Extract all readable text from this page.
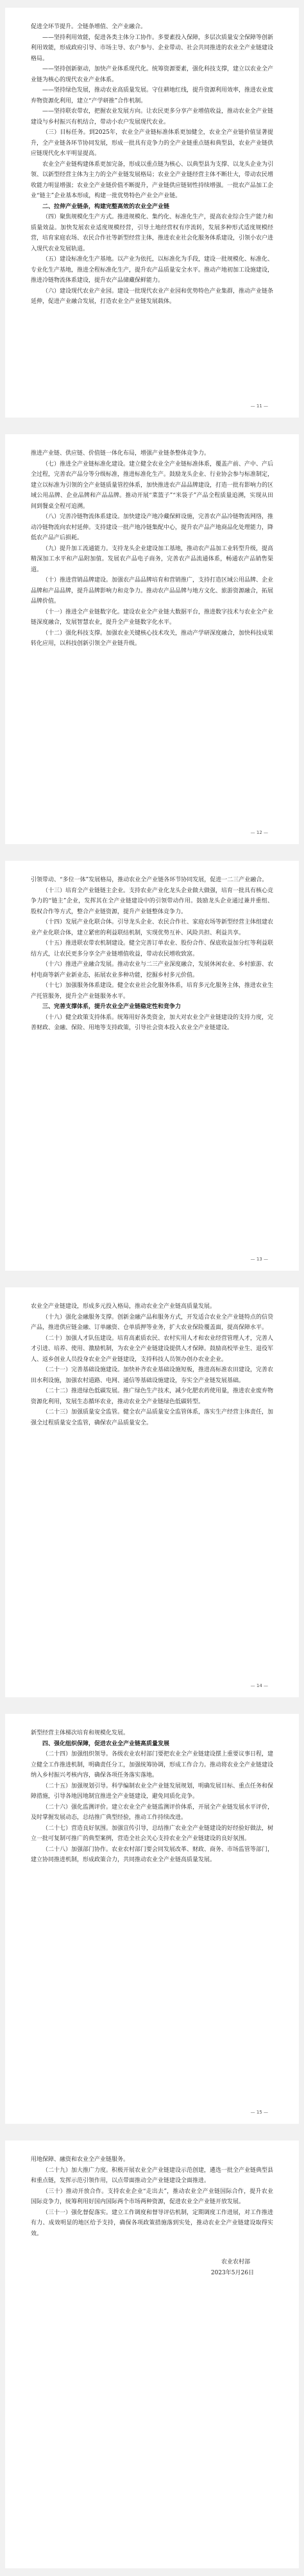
促进全环节提升。全链条增值、全产业融合。

——坚持利用效能，促进各类主体分工协作。多要素投入保障，多层次质量安全保障等创新利用效能，形成政府引导、市场主导、农户参与、企业带动、社会共同推进的农业全产业链建设格局。

——坚持创新驱动，加快产业体系现代化。统筹资源要素，强化科技支撑，建立以农业全产业链为核心的现代农业产业体系。

——坚持绿色发展，推动农业高质量发展。守住耕地红线，提升资源利用效率，推进农业废弃物资源化利用，建立“产学研推”合作机制。

——坚持联农带农，把握农业发展方向。让农民更多分享产业增值收益，推动农业全产业链建设与乡村振兴有机结合，带动小农户发展现代农业。

（三）目标任务。到2025年，农业全产业链标准体系更加健全，农业全产业链价值显著提升，全产业链各环节协同发展，形成一批具有竞争力的全产业链重点链和典型县，农业产业链供应链现代化水平明显提高。

农业全产业链构建体系更加完备，形成以重点链为核心、以典型县为支撑、以龙头企业为引领、以新型经营主体为主力的全产业链发展格局；农业全产业链经营主体不断壮大，带动农民增收能力明显增强；农业全产业链价值不断提升，产业链供应链韧性持续增强。一批农产品加工企业“链主”企业基本形成，构建一批优势特色产业全产业链。

二、拉伸产业链条，构建完整高效的农业全产业链

（四）聚焦规模化生产方式。推进规模化、集约化、标准化生产，提高农业综合生产能力和质量效益。加快发展农业适度规模经营，引导土地经营权有序流转，发展多种形式适度规模经营，培育家庭农场、农民合作社等新型经营主体，推进农业社会化服务体系建设，引领小农户进入现代农业发展轨道。

（五）建设标准化生产基地。以产业为依托，以标准化为手段，建设一批规模化、标准化、专业化生产基地，推进全程标准化生产，提升农产品质量安全水平。推动产地初加工设施建设，推进冷链物流体系建设，提升农产品储藏保鲜能力。

（六）建设现代农业产业园。建设一批现代农业产业园和优势特色产业集群，推动产业链条延伸，促进产业融合发展，打造农业全产业链发展载体。

— 11 —

推进产业链、供应链、价值链一体化布局，增强产业链条整体竞争力。

（七）推进全产业链标准化建设。建立健全农业全产业链标准体系，覆盖产前、产中、产后全过程，完善农产品分等分级标准，推进标准化生产。鼓励龙头企业、行业协会参与标准制定，建立以标准为引领的全产业链质量管控体系，加快推进农产品品牌建设，打造一批有影响力的区域公用品牌、企业品牌和产品品牌。推动开展“菜篮子”“米袋子”产品全程质量追溯，实现从田间到餐桌全程可追溯。

（八）完善冷链物流体系建设。加快建设产地冷藏保鲜设施，完善农产品冷链物流网络，推动冷链物流向农村延伸。支持建设一批产地冷链集配中心，提升农产品产地商品化处理能力，降低农产品产后损耗。

（九）提升加工流通能力。支持龙头企业建设加工基地，推动农产品加工业转型升级，提高精深加工水平和产品附加值。发展农产品电子商务，完善农产品流通体系，畅通农产品销售渠道。

（十）推进营销品牌建设。加强农产品品牌培育和营销推广，支持打造区域公用品牌、企业品牌和产品品牌，提升品牌影响力和竞争力。推动农产品品牌与地方文化、旅游资源融合，拓展品牌价值。

（十一）推进全产业链数字化。建设农业全产业链大数据平台，推进数字技术与农业全产业链深度融合，发展智慧农业，提升全产业链数字化水平。

（十二）强化科技支撑。加强农业关键核心技术攻关，推动产学研深度融合，加快科技成果转化应用，以科技创新引领全产业链升级。

— 12 —

引领带动、“多位一体”发展格局，推动农业全产业链各环节协同发展，促进一二三产业融合。

（十三）培育全产业链链主企业。支持农业产业化龙头企业做大做强，培育一批具有核心竞争力的“链主”企业，发挥其在全产业链建设中的引领带动作用。鼓励龙头企业通过兼并重组、股权合作等方式，整合产业链资源，提升产业链整体竞争力。

（十四）发展产业化联合体。引导龙头企业、农民合作社、家庭农场等新型经营主体组建农业产业化联合体，建立紧密的利益联结机制，实现优势互补、风险共担、利益共享。

（十五）推进联农带农机制建设。健全完善订单农业、股份合作、保底收益加分红等利益联结方式，让农民更多分享全产业链增值收益，带动农民增收致富。

（十六）推进产业融合发展。推动农业与二三产业深度融合，发展休闲农业、乡村旅游、农村电商等新产业新业态，拓展农业多种功能，挖掘乡村多元价值。

（十七）加强服务体系建设。健全农业社会化服务体系，培育多元化服务主体，推进农业生产托管服务，提升全产业链服务水平。

三、完善支撑体系，提升农业全产业链稳定性和竞争力

（十八）健全政策支持体系。统筹用好各类资金，加大对农业全产业链建设的支持力度，完善财政、金融、保险、用地等支持政策，引导社会资本投入农业全产业链建设。

— 13 —

农业全产业链建设，形成多元投入格局，推动农业全产业链高质量发展。

（十九）强化金融服务支撑。创新金融产品和服务方式，开发适合农业全产业链特点的信贷产品，推进供应链金融、订单融资、仓单质押等业务，扩大农业保险覆盖面，提高保障水平。

（二十）加强人才队伍建设。培育高素质农民、农村实用人才和农业经营管理人才，完善人才引进、培养、使用、激励机制，为农业全产业链建设提供人才保障。鼓励高校毕业生、退役军人、返乡创业人员投身农业全产业链建设，支持科技人员领办创办农业企业。

（二十一）完善基础设施建设。加快补齐农业基础设施短板，推进高标准农田建设，完善农田水利设施，加强农村道路、电网、通信等基础设施建设，夯实全产业链发展基础。

（二十二）推进绿色低碳发展。推广绿色生产技术，减少化肥农药使用量，推进农业废弃物资源化利用，发展生态循环农业，推动农业全产业链绿色低碳转型。

（二十三）加强质量安全监管。健全农产品质量安全监管体系，落实生产经营主体责任，加强全过程质量安全监管，确保农产品质量安全。

— 14 —

新型经营主体梯次培育和规模化发展。

四、强化组织保障，促进农业全产业链高质量发展

（二十四）加强组织领导。各级农业农村部门要把农业全产业链建设摆上重要议事日程，建立健全工作推进机制，明确责任分工，加强统筹协调，形成工作合力。推动将农业全产业链建设纳入乡村振兴考核内容，确保各项任务落实落地。

（二十五）加强规划引导。科学编制农业全产业链发展规划，明确发展目标、重点任务和保障措施，引导各地因地制宜推进全产业链建设，避免同质化竞争。

（二十六）强化监测评价。建立农业全产业链监测评价体系，开展全产业链发展水平评价，及时掌握发展动态，总结推广典型经验，推动工作持续改进。

（二十七）营造良好氛围。加强宣传引导，总结推广农业全产业链建设的好经验好做法，树立一批可复制可推广的典型案例，营造全社会关心支持农业全产业链建设的良好氛围。

（二十八）加强部门协作。农业农村部门要会同发展改革、财政、商务、市场监管等部门，建立协同推进机制，形成政策合力，共同推动农业全产业链高质量发展。

— 15 —

用地保障、融资和农业全产业链服务。

（二十九）加大推广力度。积极开展农业全产业链建设示范创建，遴选一批全产业链典型县和重点链，发挥示范引领作用，以点带面推动全产业链建设全面推进。

（三十）推动开放合作。支持农业企业“走出去”，推动农业全产业链国际合作，提升农业国际竞争力，统筹利用好国内国际两个市场两种资源，促进农业全产业链开放发展。

（三十一）强化督促落实。建立工作调度和督导评估机制，定期调度工作进展，对工作推进有力、成效明显的地区给予支持，确保各项政策措施落到实处，推动农业全产业链建设取得实效。

农业农村部

2023年5月26日
